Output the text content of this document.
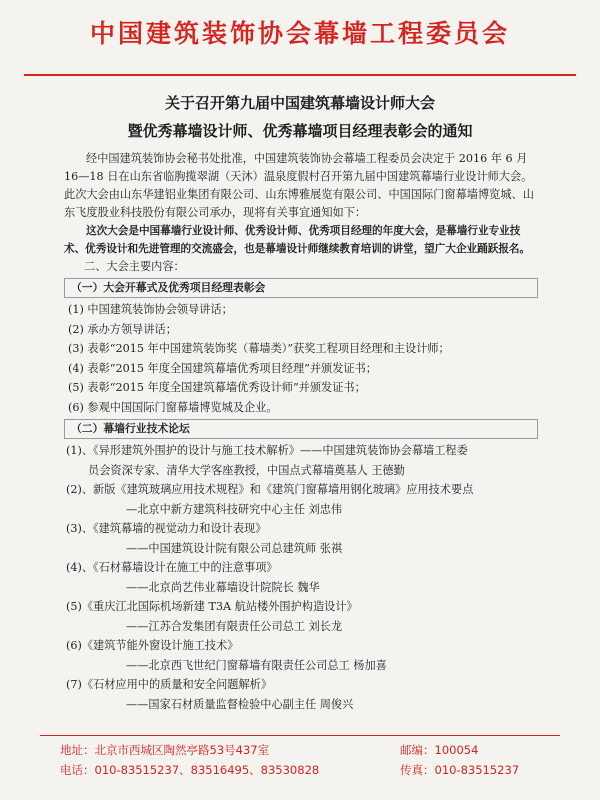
中国建筑装饰协会幕墙工程委员会
关于召开第九届中国建筑幕墙设计师大会
暨优秀幕墙设计师、优秀幕墙项目经理表彰会的通知

经中国建筑装饰协会秘书处批准，中国建筑装饰协会幕墙工程委员会决定于 2016 年 6 月 16—18 日在山东省临朐揽翠湖（天沐）温泉度假村召开第九届中国建筑幕墙行业设计师大会。此次大会由山东华建铝业集团有限公司、山东博雅展览有限公司、中国国际门窗幕墙博览城、山东飞度股业科技股份有限公司承办，现将有关事宜通知如下：

这次大会是中国幕墙行业设计师、优秀设计师、优秀项目经理的年度大会，是幕墙行业专业技术、优秀设计和先进管理的交流盛会，也是幕墙设计师继续教育培训的讲堂，望广大企业踊跃报名。

二、大会主要内容：

（一）大会开幕式及优秀项目经理表彰会

(1) 中国建筑装饰协会领导讲话；

(2) 承办方领导讲话；

(3) 表彰“2015 年中国建筑装饰奖（幕墙类）”获奖工程项目经理和主设计师；

(4) 表彰“2015 年度全国建筑幕墙优秀项目经理”并颁发证书；

(5) 表彰“2015 年度全国建筑幕墙优秀设计师”并颁发证书；

(6) 参观中国国际门窗幕墙博览城及企业。

（二）幕墙行业技术论坛
(1)、《异形建筑外围护的设计与施工技术解析》——中国建筑装饰协会幕墙工程委
员会资深专家、清华大学客座教授，中国点式幕墙奠基人 王德勤
(2)、新版《建筑玻璃应用技术规程》和《建筑门窗幕墙用钢化玻璃》应用技术要点
—北京中新方建筑科技研究中心主任 刘忠伟
(3)、《建筑幕墙的视觉动力和设计表现》
——中国建筑设计院有限公司总建筑师 张祺
(4)、《石材幕墙设计在施工中的注意事项》
——北京尚艺伟业幕墙设计院院长 魏华
(5)《重庆江北国际机场新建 T3A 航站楼外围护构造设计》
——江苏合发集团有限责任公司总工 刘长龙
(6)《建筑节能外窗设计施工技术》
——北京西飞世纪门窗幕墙有限责任公司总工 杨加喜
(7)《石材应用中的质量和安全问题解析》
——国家石材质量监督检验中心副主任 周俊兴
地址：北京市西城区陶然亭路53号437室	邮编：100054
电话：010-83515237、83516495、83530828	传真：010-83515237
